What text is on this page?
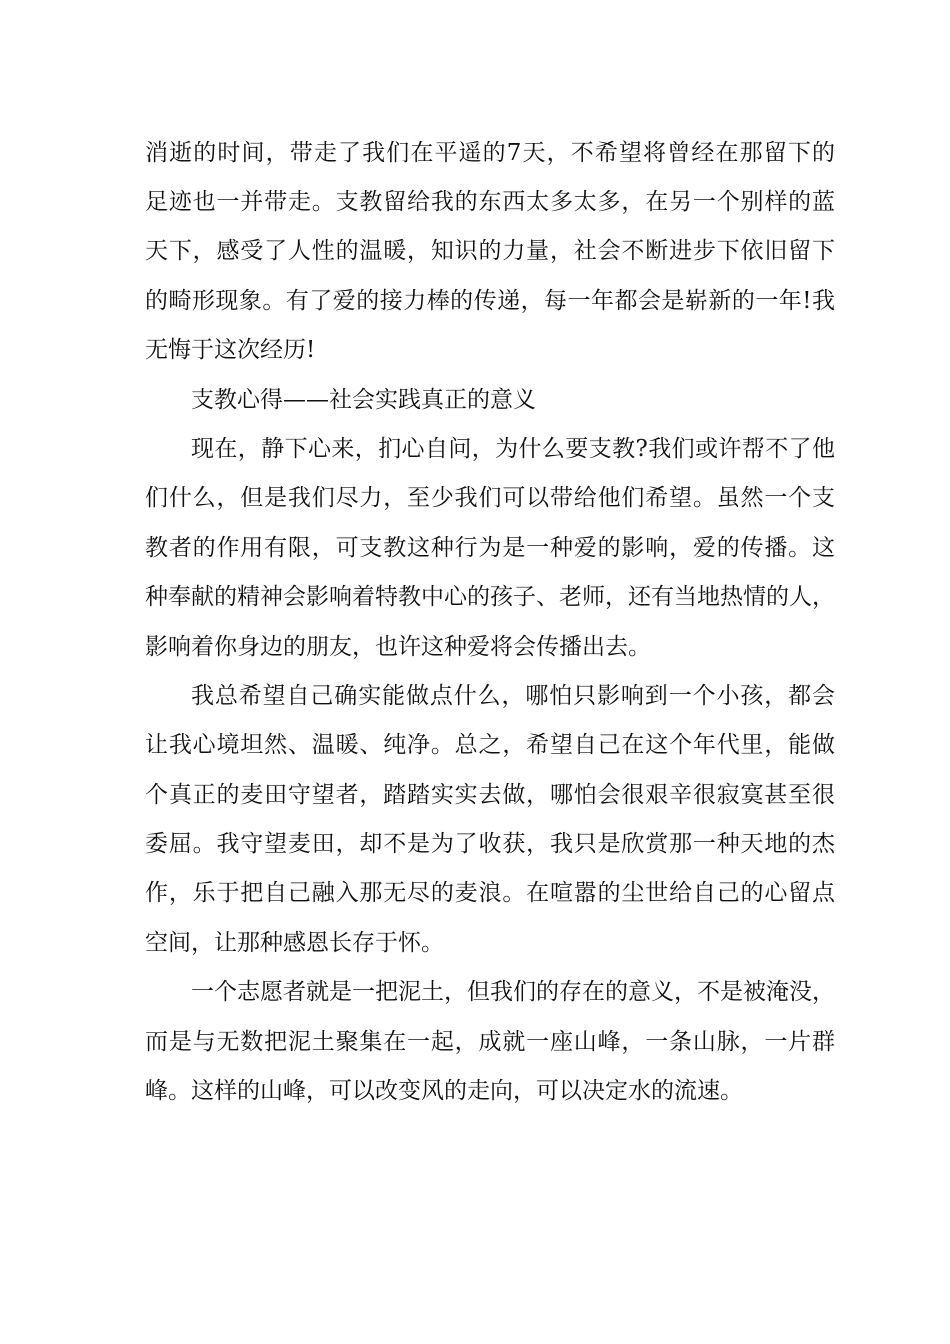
消逝的时间，带走了我们在平遥的7天，不希望将曾经在那留下的
足迹也一并带走。支教留给我的东西太多太多，在另一个别样的蓝
天下，感受了人性的温暖，知识的力量，社会不断进步下依旧留下
的畸形现象。有了爱的接力棒的传递，每一年都会是崭新的一年!我
无悔于这次经历!
支教心得——社会实践真正的意义
现在，静下心来，扪心自问，为什么要支教?我们或许帮不了他
们什么，但是我们尽力，至少我们可以带给他们希望。虽然一个支
教者的作用有限，可支教这种行为是一种爱的影响，爱的传播。这
种奉献的精神会影响着特教中心的孩子、老师，还有当地热情的人，
影响着你身边的朋友，也许这种爱将会传播出去。
我总希望自己确实能做点什么，哪怕只影响到一个小孩，都会
让我心境坦然、温暖、纯净。总之，希望自己在这个年代里，能做
个真正的麦田守望者，踏踏实实去做，哪怕会很艰辛很寂寞甚至很
委屈。我守望麦田，却不是为了收获，我只是欣赏那一种天地的杰
作，乐于把自己融入那无尽的麦浪。在喧嚣的尘世给自己的心留点
空间，让那种感恩长存于怀。
一个志愿者就是一把泥土，但我们的存在的意义，不是被淹没，
而是与无数把泥土聚集在一起，成就一座山峰，一条山脉，一片群
峰。这样的山峰，可以改变风的走向，可以决定水的流速。
